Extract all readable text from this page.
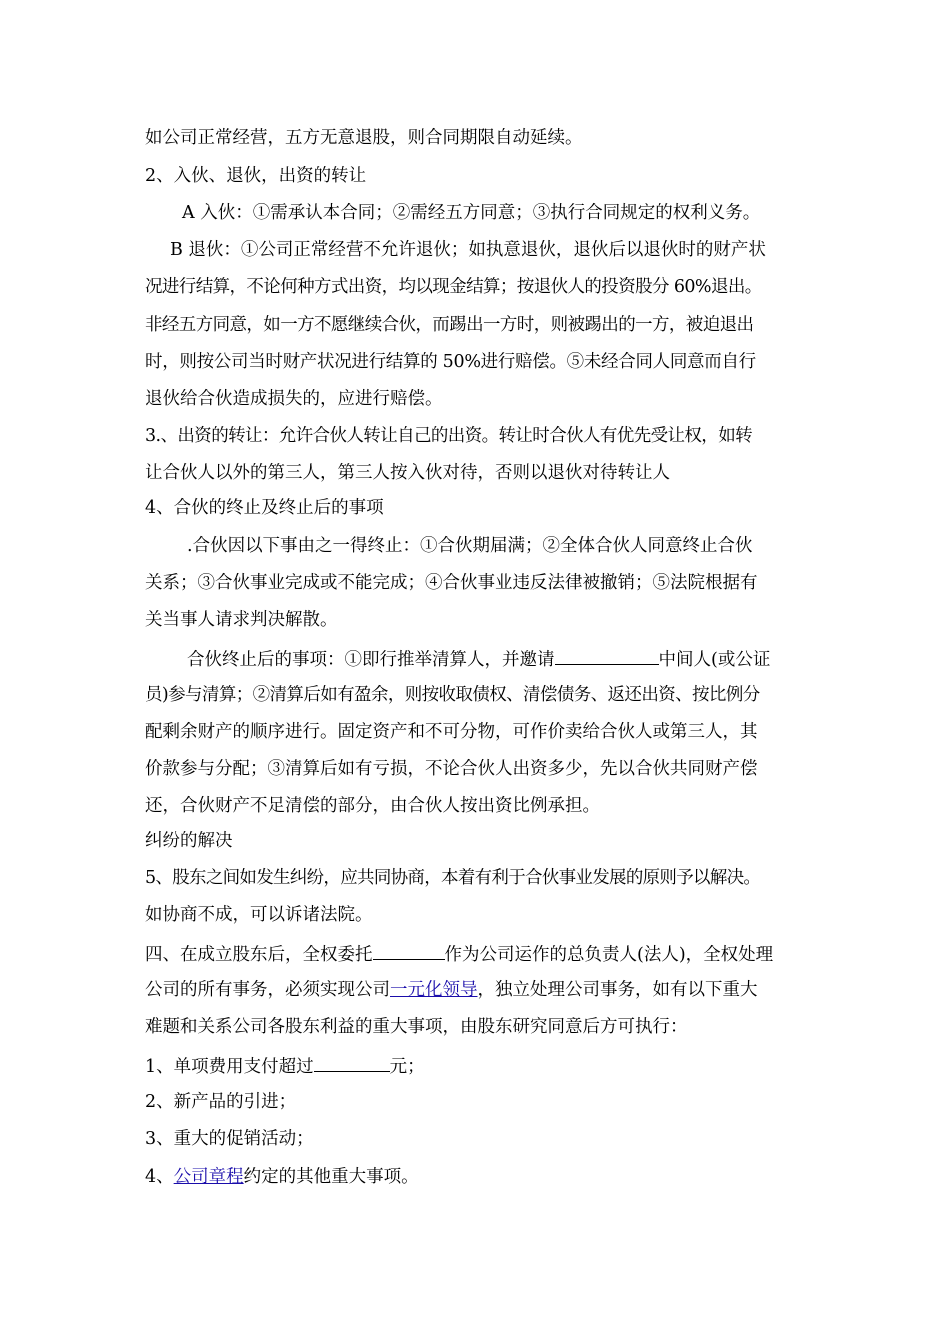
如公司正常经营，五方无意退股，则合同期限自动延续。
2、入伙、退伙，出资的转让
A 入伙：①需承认本合同；②需经五方同意；③执行合同规定的权利义务。
B 退伙：①公司正常经营不允许退伙；如执意退伙，退伙后以退伙时的财产状
况进行结算，不论何种方式出资，均以现金结算；按退伙人的投资股分 60%退出。
非经五方同意，如一方不愿继续合伙，而踢出一方时，则被踢出的一方，被迫退出
时，则按公司当时财产状况进行结算的 50%进行赔偿。⑤未经合同人同意而自行
退伙给合伙造成损失的，应进行赔偿。
3.、出资的转让：允许合伙人转让自己的出资。转让时合伙人有优先受让权，如转
让合伙人以外的第三人，第三人按入伙对待，否则以退伙对待转让人
4、合伙的终止及终止后的事项
.合伙因以下事由之一得终止：①合伙期届满；②全体合伙人同意终止合伙
关系；③合伙事业完成或不能完成；④合伙事业违反法律被撤销；⑤法院根据有
关当事人请求判决解散。
合伙终止后的事项：①即行推举清算人，并邀请	中间人(或公证
员)参与清算；②清算后如有盈余，则按收取债权、清偿债务、返还出资、按比例分
配剩余财产的顺序进行。固定资产和不可分物，可作价卖给合伙人或第三人，其
价款参与分配；③清算后如有亏损，不论合伙人出资多少，先以合伙共同财产偿
还，合伙财产不足清偿的部分，由合伙人按出资比例承担。
纠纷的解决
5、股东之间如发生纠纷，应共同协商，本着有利于合伙事业发展的原则予以解决。
如协商不成，可以诉诸法院。
四、在成立股东后，全权委托	作为公司运作的总负责人(法人)，全权处理
公司的所有事务，必须实现公司一元化领导，独立处理公司事务，如有以下重大
难题和关系公司各股东利益的重大事项，由股东研究同意后方可执行：
1、单项费用支付超过	元；
2、新产品的引进；
3、重大的促销活动；
4、公司章程约定的其他重大事项。
